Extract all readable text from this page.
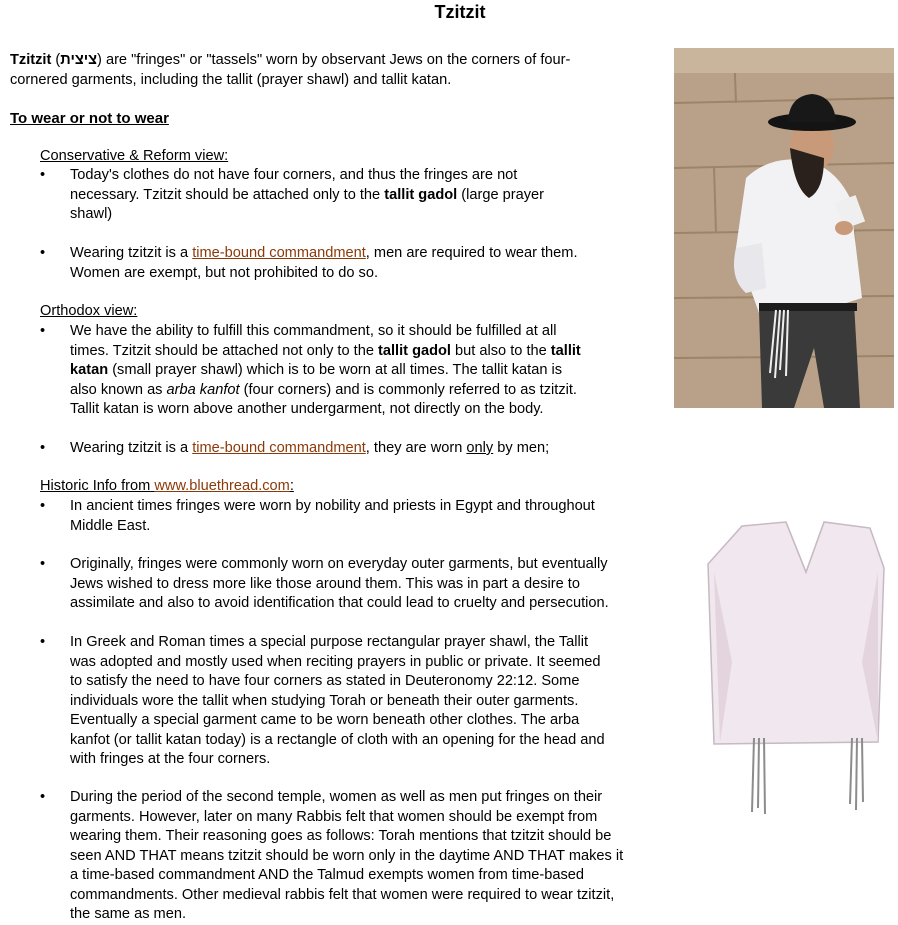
Tzitzit

Tzitzit (ציצית) are "fringes" or "tassels" worn by observant Jews on the corners of four-
cornered garments, including the tallit (prayer shawl) and tallit katan.

To wear or not to wear
Conservative & Reform view:
• Today's clothes do not have four corners, and thus the fringes are not
necessary. Tzitzit should be attached only to the tallit gadol (large prayer
shawl)
• Wearing tzitzit is a time-bound commandment, men are required to wear them.
Women are exempt, but not prohibited to do so.
Orthodox view:
• We have the ability to fulfill this commandment, so it should be fulfilled at all
times. Tzitzit should be attached not only to the tallit gadol but also to the tallit
katan (small prayer shawl) which is to be worn at all times. The tallit katan is
also known as arba kanfot (four corners) and is commonly referred to as tzitzit.
Tallit katan is worn above another undergarment, not directly on the body.
• Wearing tzitzit is a time-bound commandment, they are worn only by men;
Historic Info from www.bluethread.com:
• In ancient times fringes were worn by nobility and priests in Egypt and throughout
Middle East.
• Originally, fringes were commonly worn on everyday outer garments, but eventually
Jews wished to dress more like those around them. This was in part a desire to
assimilate and also to avoid identification that could lead to cruelty and persecution.
• In Greek and Roman times a special purpose rectangular prayer shawl, the Tallit
was adopted and mostly used when reciting prayers in public or private. It seemed
to satisfy the need to have four corners as stated in Deuteronomy 22:12. Some
individuals wore the tallit when studying Torah or beneath their outer garments.
Eventually a special garment came to be worn beneath other clothes. The arba
kanfot (or tallit katan today) is a rectangle of cloth with an opening for the head and
with fringes at the four corners.
• During the period of the second temple, women as well as men put fringes on their
garments. However, later on many Rabbis felt that women should be exempt from
wearing them. Their reasoning goes as follows: Torah mentions that tzitzit should be
seen AND THAT means tzitzit should be worn only in the daytime AND THAT makes it
a time-based commandment AND the Talmud exempts women from time-based
commandments. Other medieval rabbis felt that women were required to wear tzitzit,
the same as men.
